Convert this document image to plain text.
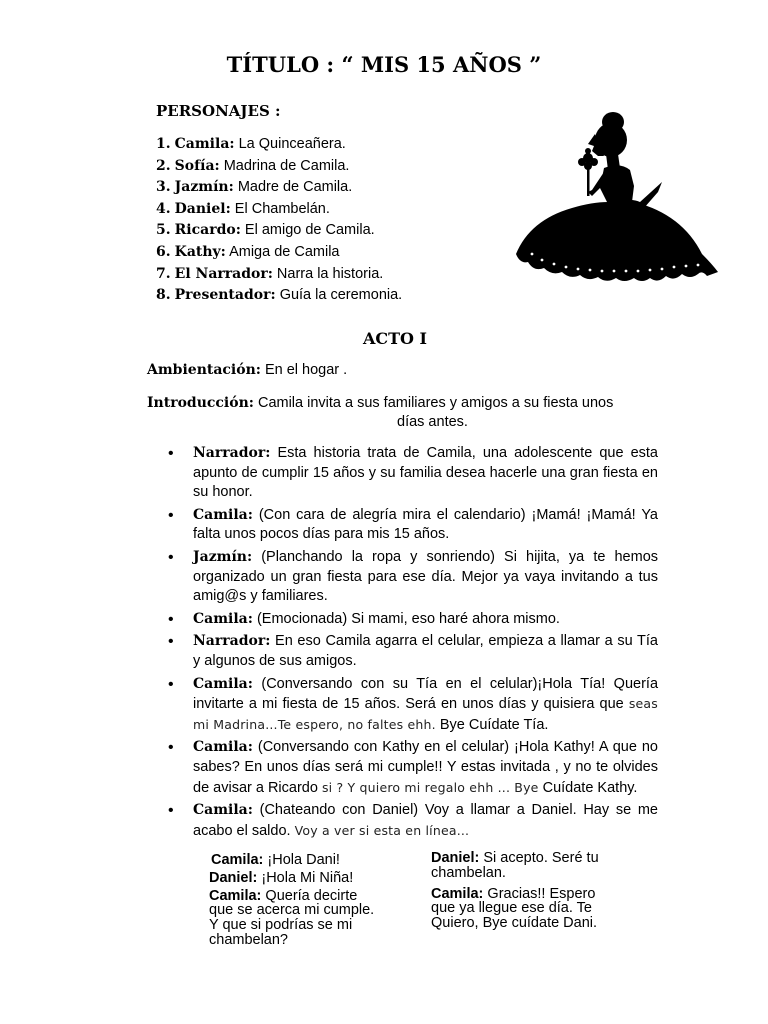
TÍTULO : “ MIS 15 AÑOS ”
PERSONAJES :
1. Camila: La Quinceañera.
2. Sofía: Madrina de Camila.
3. Jazmín: Madre de Camila.
4. Daniel: El Chambelán.
5. Ricardo: El amigo de Camila.
6. Kathy: Amiga de Camila
7. El Narrador: Narra la historia.
8. Presentador: Guía la ceremonia.
ACTO I
Ambientación: En el hogar .
Introducción: Camila invita a sus familiares y amigos a su fiesta unos
días antes.
• Narrador: Esta historia trata de Camila, una adolescente que esta apunto de cumplir 15 años y su familia desea hacerle una gran fiesta en su honor.
• Camila: (Con cara de alegría mira el calendario) ¡Mamá! ¡Mamá! Ya falta unos pocos días para mis 15 años.
• Jazmín: (Planchando la ropa y sonriendo) Si hijita, ya te hemos organizado un gran fiesta para ese día. Mejor ya vaya invitando a tus amig@s y familiares.
• Camila: (Emocionada) Si mami, eso haré ahora mismo.
• Narrador: En eso Camila agarra el celular, empieza a llamar a su Tía y algunos de sus amigos.
• Camila: (Conversando con su Tía en el celular)¡Hola Tía! Quería invitarte a mi fiesta de 15 años. Será en unos días y quisiera que seas mi Madrina...Te espero, no faltes ehh. Bye Cuídate Tía.
• Camila: (Conversando con Kathy en el celular) ¡Hola Kathy! A que no sabes? En unos días será mi cumple!! Y estas invitada , y no te olvides de avisar a Ricardo si ? Y quiero mi regalo ehh ... Bye Cuídate Kathy.
• Camila: (Chateando con Daniel) Voy a llamar a Daniel. Hay se me acabo el saldo. Voy a ver si esta en línea...

Camila: ¡Hola Dani!

Daniel: ¡Hola Mi Niña!

Camila: Quería decirte que se acerca mi cumple. Y que si podrías se mi chambelan?

Daniel: Si acepto. Seré tu chambelan.

Camila: Gracias!! Espero que ya llegue ese día. Te Quiero, Bye cuídate Dani.
